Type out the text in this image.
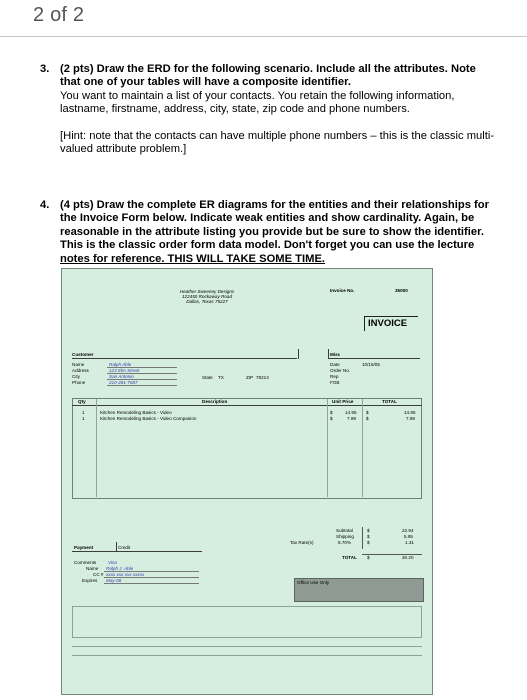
2 of 2
3. (2 pts) Draw the ERD for the following scenario. Include all the attributes. Note
that one of your tables will have a composite identifier.
You want to maintain a list of your contacts. You retain the following information,
lastname, firstname, address, city, state, zip code and phone numbers.
[Hint: note that the contacts can have multiple phone numbers – this is the classic multi-
valued attribute problem.]
4. (4 pts) Draw the complete ER diagrams for the entities and their relationships for
the Invoice Form below. Indicate weak entities and show cardinality. Again, be
reasonable in the attribute listing you provide but be sure to show the identifier.
This is the classic order form data model. Don't forget you can use the lecture
notes for reference. THIS WILL TAKE SOME TIME.
Heather Sweeney Designs
122450 Rockaway Road
Dallas, Texas 75227
Invoice No.	35000
INVOICE
Customer
Name	Ralph Able
Address	123 Elm Street
City	San Antonio	State TX	ZIP 78214
Phone	210-281-7687
Misc
Date	10/15/05
Order No.
Rep
FOB
Qty	Description	Unit Price	TOTAL
1	Kitchen Remodeling Basics - Video	$	14.95 $	14.95
1	Kitchen Remodeling Basics - Video Companion	$	7.99 $	7.99
Subtotal	$	22.94
Shipping	$	5.95
Tax Rate(s)	5.70%	$	1.31
TOTAL $	30.20
Payment	Credit
Comments	Visa
Name Ralph J. Able
CC # xxxx xxx xxx xxxxx
Expires May-08	Office Use Only
